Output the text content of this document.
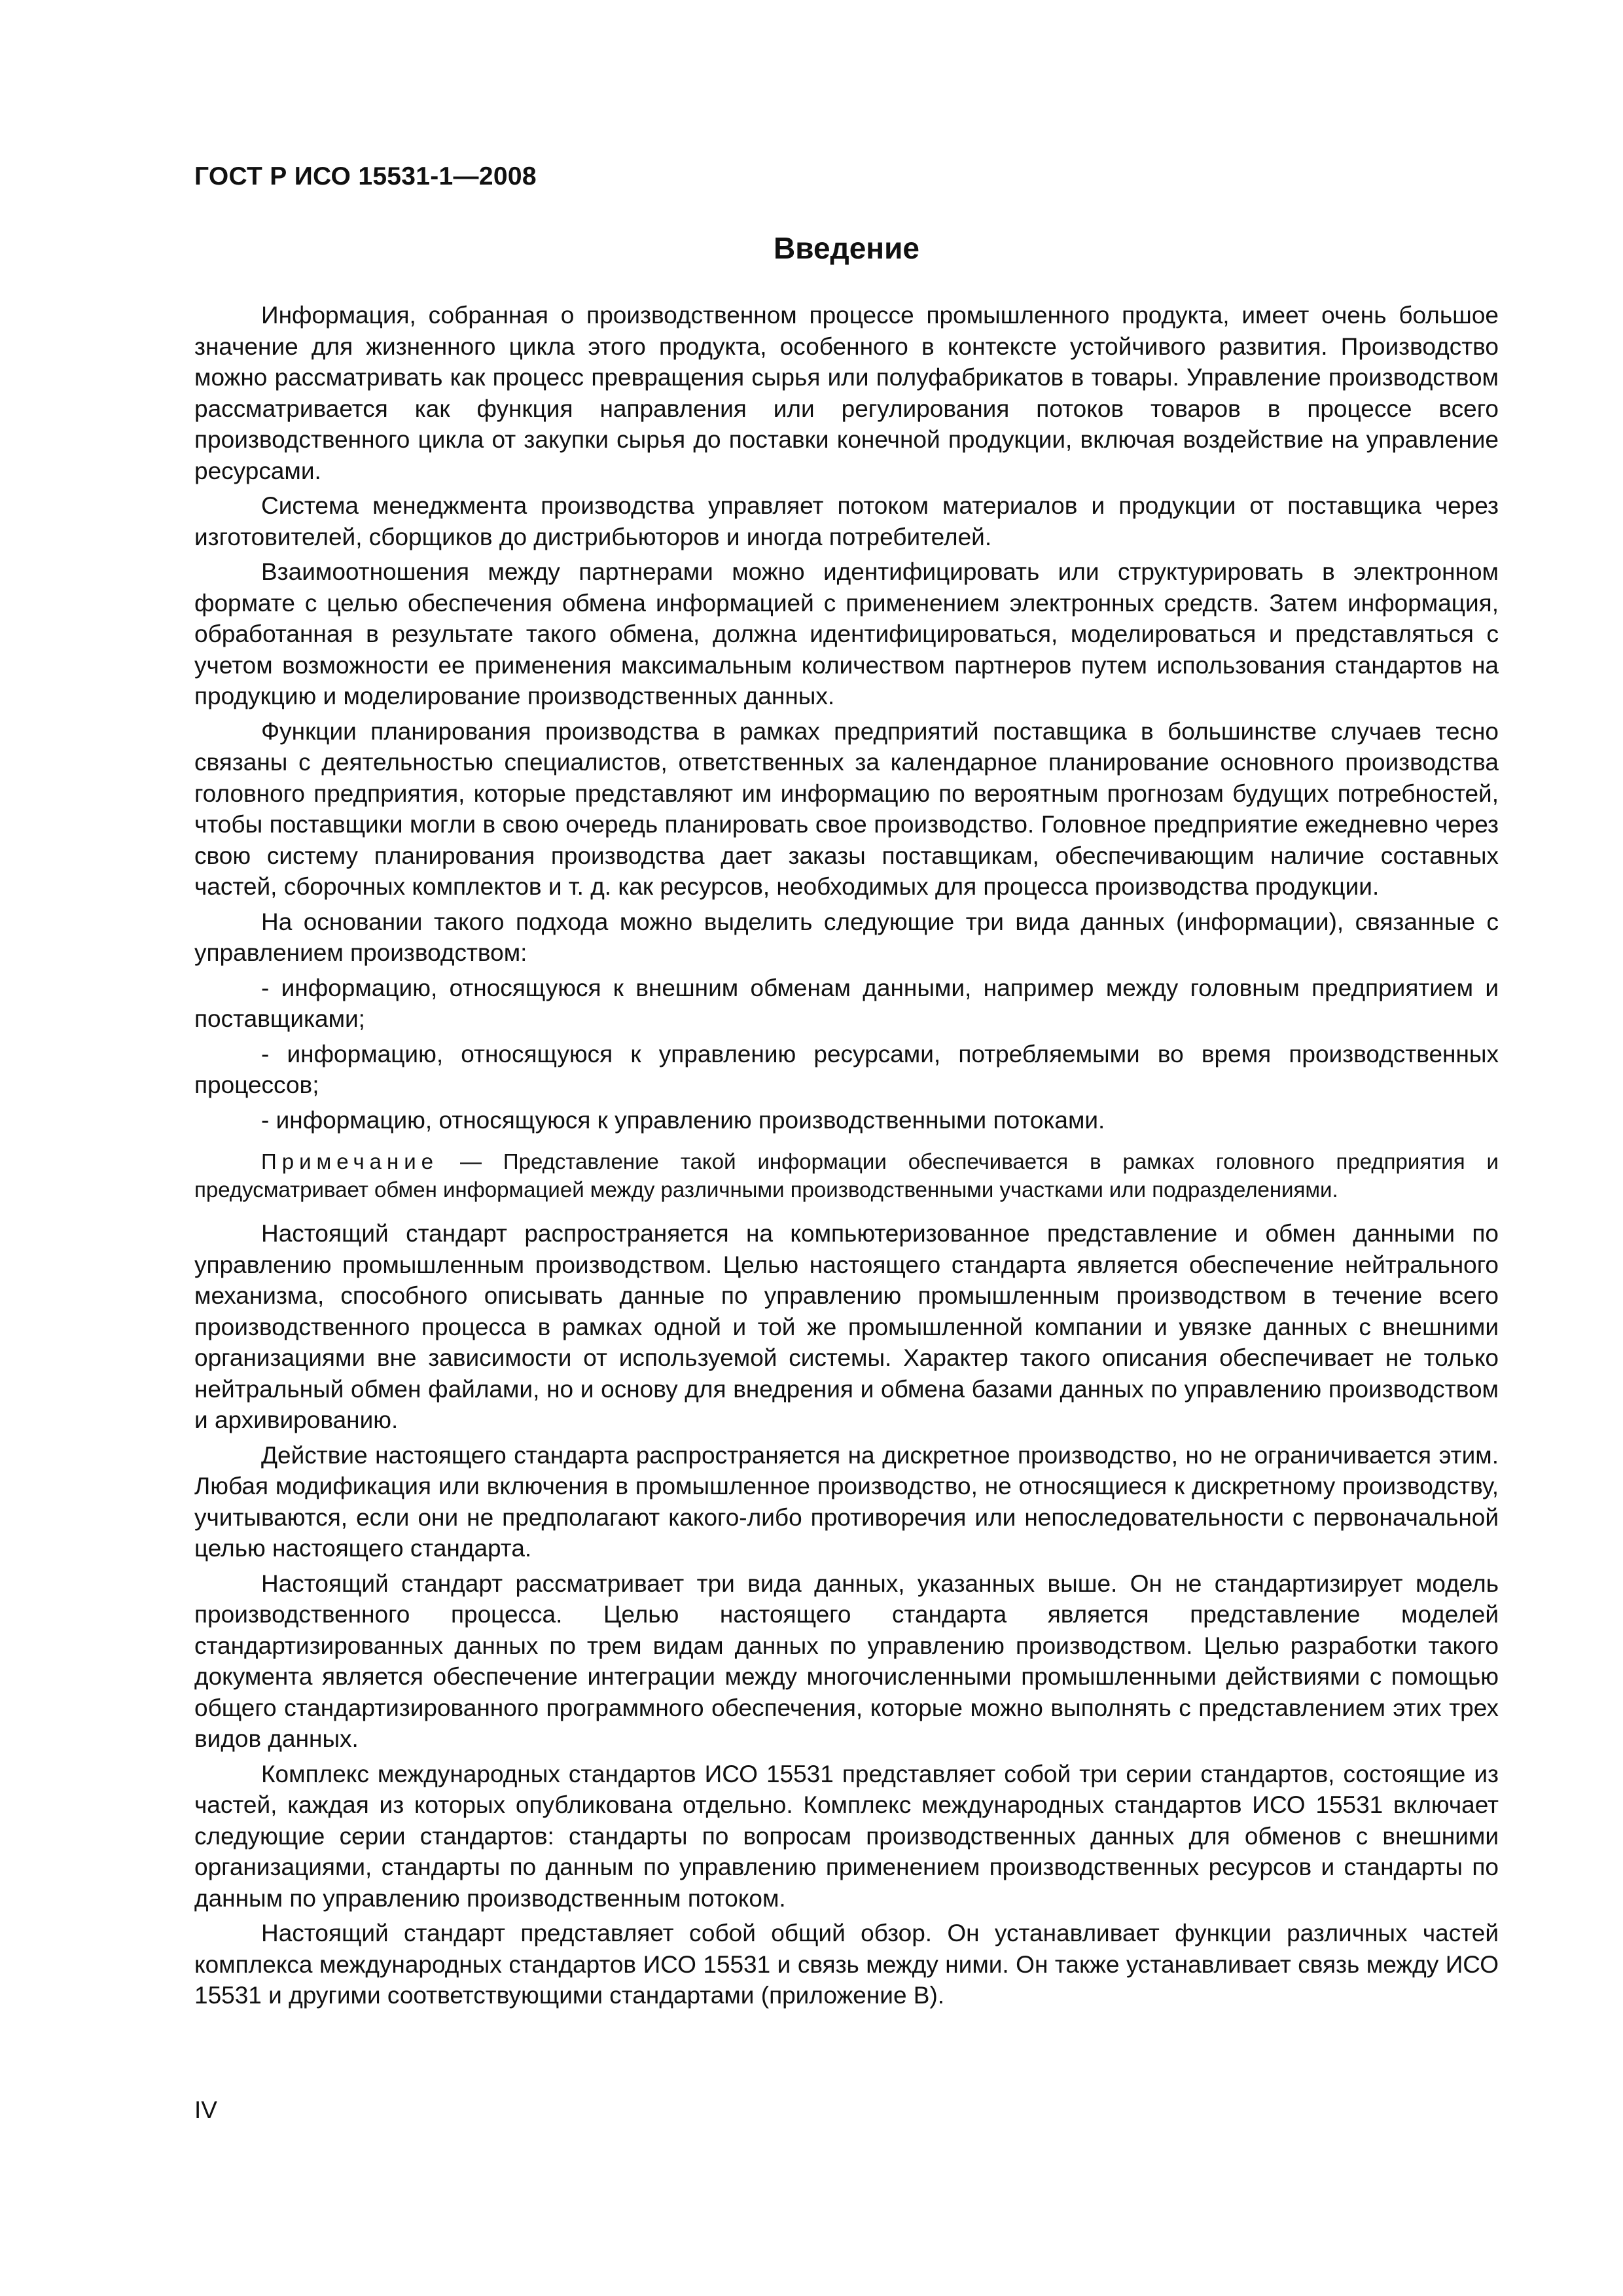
ГОСТ Р ИСО 15531-1—2008
Введение

Информация, собранная о производственном процессе промышленного продукта, имеет очень большое значение для жизненного цикла этого продукта, особенного в контексте устойчивого развития. Производство можно рассматривать как процесс превращения сырья или полуфабрикатов в товары. Управление производством рассматривается как функция направления или регулирования потоков товаров в процессе всего производственного цикла от закупки сырья до поставки конечной продукции, включая воздействие на управление ресурсами.

Система менеджмента производства управляет потоком материалов и продукции от поставщика через изготовителей, сборщиков до дистрибьюторов и иногда потребителей.

Взаимоотношения между партнерами можно идентифицировать или структурировать в электронном формате с целью обеспечения обмена информацией с применением электронных средств. Затем информация, обработанная в результате такого обмена, должна идентифицироваться, моделироваться и представляться с учетом возможности ее применения максимальным количеством партнеров путем использования стандартов на продукцию и моделирование производственных данных.

Функции планирования производства в рамках предприятий поставщика в большинстве случаев тесно связаны с деятельностью специалистов, ответственных за календарное планирование основного производства головного предприятия, которые представляют им информацию по вероятным прогнозам будущих потребностей, чтобы поставщики могли в свою очередь планировать свое производство. Головное предприятие ежедневно через свою систему планирования производства дает заказы поставщикам, обеспечивающим наличие составных частей, сборочных комплектов и т. д. как ресурсов, необходимых для процесса производства продукции.

На основании такого подхода можно выделить следующие три вида данных (информации), связанные с управлением производством:

- информацию, относящуюся к внешним обменам данными, например между головным предприятием и поставщиками;

- информацию, относящуюся к управлению ресурсами, потребляемыми во время производственных процессов;

- информацию, относящуюся к управлению производственными потоками.

Примечание — Представление такой информации обеспечивается в рамках головного предприятия и предусматривает обмен информацией между различными производственными участками или подразделениями.

Настоящий стандарт распространяется на компьютеризованное представление и обмен данными по управлению промышленным производством. Целью настоящего стандарта является обеспечение нейтрального механизма, способного описывать данные по управлению промышленным производством в течение всего производственного процесса в рамках одной и той же промышленной компании и увязке данных с внешними организациями вне зависимости от используемой системы. Характер такого описания обеспечивает не только нейтральный обмен файлами, но и основу для внедрения и обмена базами данных по управлению производством и архивированию.

Действие настоящего стандарта распространяется на дискретное производство, но не ограничивается этим. Любая модификация или включения в промышленное производство, не относящиеся к дискретному производству, учитываются, если они не предполагают какого-либо противоречия или непоследовательности с первоначальной целью настоящего стандарта.

Настоящий стандарт рассматривает три вида данных, указанных выше. Он не стандартизирует модель производственного процесса. Целью настоящего стандарта является представление моделей стандартизированных данных по трем видам данных по управлению производством. Целью разработки такого документа является обеспечение интеграции между многочисленными промышленными действиями с помощью общего стандартизированного программного обеспечения, которые можно выполнять с представлением этих трех видов данных.

Комплекс международных стандартов ИСО 15531 представляет собой три серии стандартов, состоящие из частей, каждая из которых опубликована отдельно. Комплекс международных стандартов ИСО 15531 включает следующие серии стандартов: стандарты по вопросам производственных данных для обменов с внешними организациями, стандарты по данным по управлению применением производственных ресурсов и стандарты по данным по управлению производственным потоком.

Настоящий стандарт представляет собой общий обзор. Он устанавливает функции различных частей комплекса международных стандартов ИСО 15531 и связь между ними. Он также устанавливает связь между ИСО 15531 и другими соответствующими стандартами (приложение В).

IV
